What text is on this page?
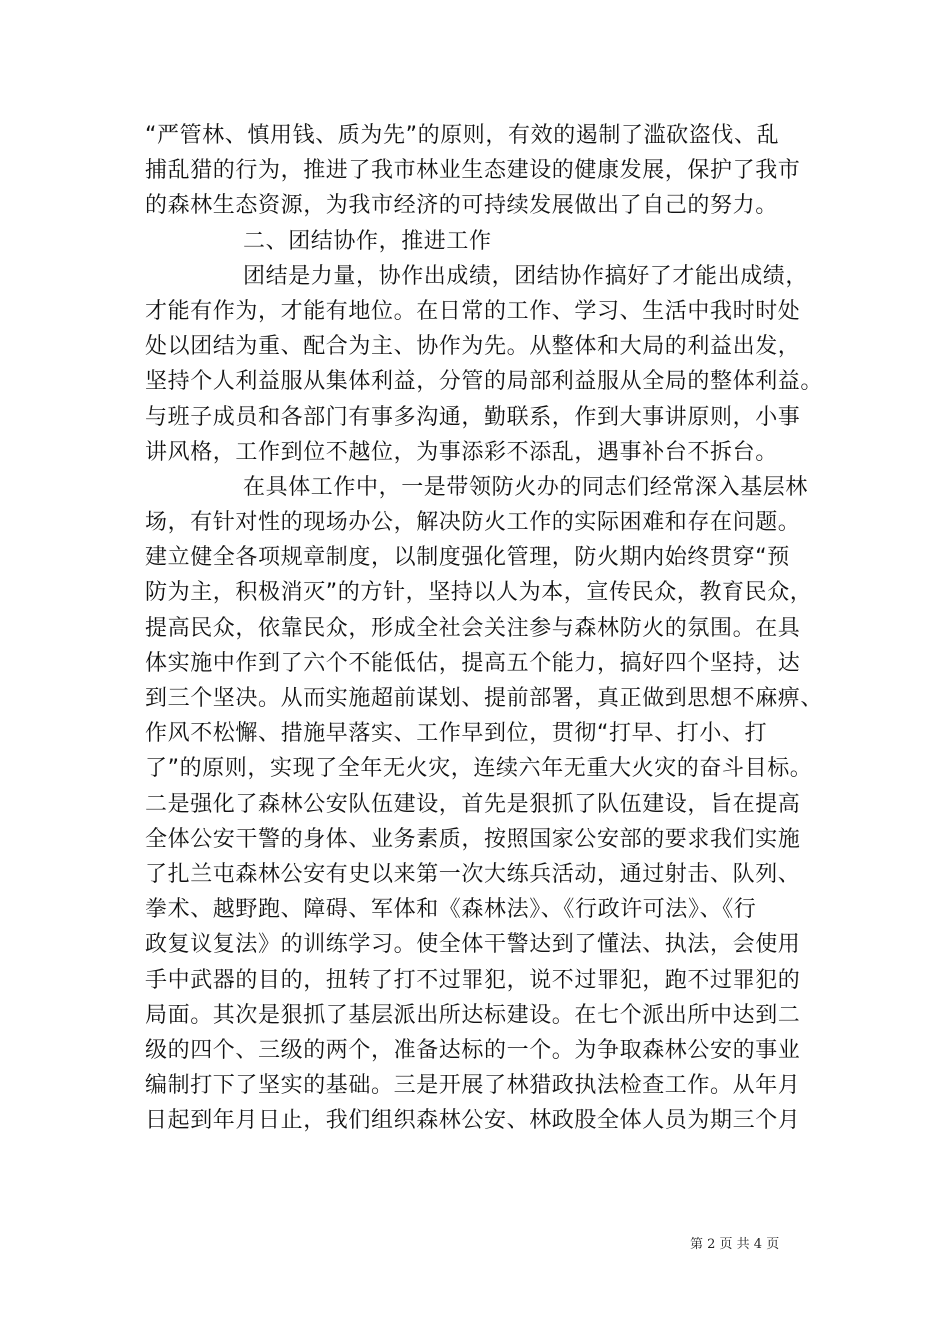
“严管林、慎用钱、质为先”的原则，有效的遏制了滥砍盗伐、乱
捕乱猎的行为，推进了我市林业生态建设的健康发展，保护了我市
的森林生态资源，为我市经济的可持续发展做出了自己的努力。
二、团结协作，推进工作
团结是力量，协作出成绩，团结协作搞好了才能出成绩，
才能有作为，才能有地位。在日常的工作、学习、生活中我时时处
处以团结为重、配合为主、协作为先。从整体和大局的利益出发，
坚持个人利益服从集体利益，分管的局部利益服从全局的整体利益。
与班子成员和各部门有事多沟通，勤联系，作到大事讲原则，小事
讲风格，工作到位不越位，为事添彩不添乱，遇事补台不拆台。
在具体工作中，一是带领防火办的同志们经常深入基层林
场，有针对性的现场办公，解决防火工作的实际困难和存在问题。
建立健全各项规章制度，以制度强化管理，防火期内始终贯穿“预
防为主，积极消灭”的方针，坚持以人为本，宣传民众，教育民众，
提高民众，依靠民众，形成全社会关注参与森林防火的氛围。在具
体实施中作到了六个不能低估，提高五个能力，搞好四个坚持，达
到三个坚决。从而实施超前谋划、提前部署，真正做到思想不麻痹、
作风不松懈、措施早落实、工作早到位，贯彻“打早、打小、打
了”的原则，实现了全年无火灾，连续六年无重大火灾的奋斗目标。
二是强化了森林公安队伍建设，首先是狠抓了队伍建设，旨在提高
全体公安干警的身体、业务素质，按照国家公安部的要求我们实施
了扎兰屯森林公安有史以来第一次大练兵活动，通过射击、队列、
拳术、越野跑、障碍、军体和《森林法》、《行政许可法》、《行
政复议复法》的训练学习。使全体干警达到了懂法、执法，会使用
手中武器的目的，扭转了打不过罪犯，说不过罪犯，跑不过罪犯的
局面。其次是狠抓了基层派出所达标建设。在七个派出所中达到二
级的四个、三级的两个，准备达标的一个。为争取森林公安的事业
编制打下了坚实的基础。三是开展了林猎政执法检查工作。从年月
日起到年月日止，我们组织森林公安、林政股全体人员为期三个月
第 2 页 共 4 页
